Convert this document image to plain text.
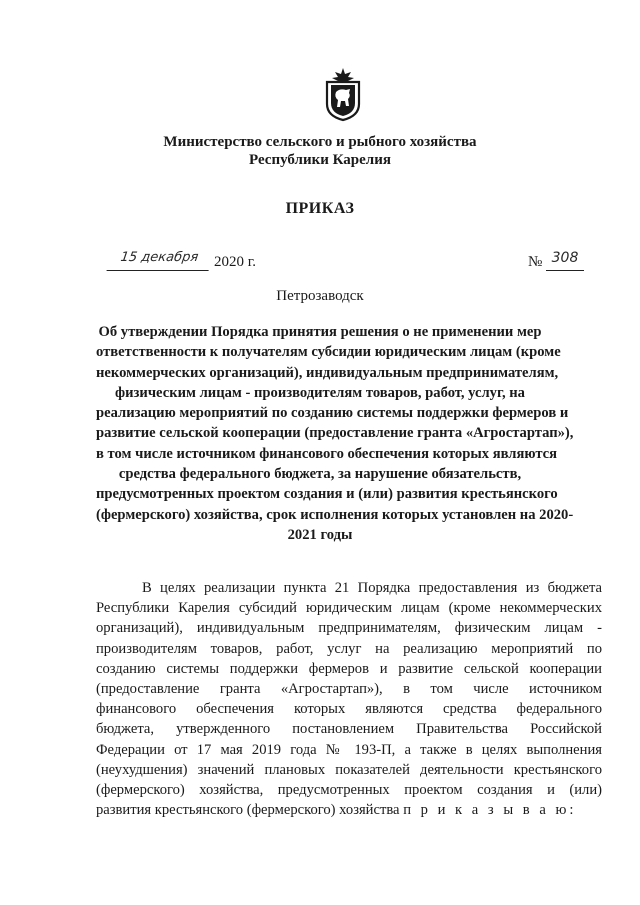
Министерство сельского и рыбного хозяйства
Республики Карелия
ПРИКАЗ
15 декабря 2020 г.	№ 308
Петрозаводск
Об утверждении Порядка принятия решения о не применении мер
ответственности к получателям субсидии юридическим лицам (кроме
некоммерческих организаций), индивидуальным предпринимателям,
физическим лицам - производителям товаров, работ, услуг, на
реализацию мероприятий по созданию системы поддержки фермеров и
развитие сельской кооперации (предоставление гранта «Агростартап»),
в том числе источником финансового обеспечения которых являются
средства федерального бюджета, за нарушение обязательств,
предусмотренных проектом создания и (или) развития крестьянского
(фермерского) хозяйства, срок исполнения которых установлен на 2020-
2021 годы
В целях реализации пункта 21 Порядка предоставления из бюджета
Республики Карелия субсидий юридическим лицам (кроме некоммерческих
организаций), индивидуальным предпринимателям, физическим лицам -
производителям товаров, работ, услуг на реализацию мероприятий по
созданию системы поддержки фермеров и развитие сельской кооперации
(предоставление гранта «Агростартап»), в том числе источником
финансового обеспечения которых являются средства федерального
бюджета, утвержденного постановлением Правительства Российской
Федерации от 17 мая 2019 года № 193-П, а также в целях выполнения
(неухудшения) значений плановых показателей деятельности крестьянского
(фермерского) хозяйства, предусмотренных проектом создания и (или)
развития крестьянского (фермерского) хозяйства п р и к а з ы в а ю:
